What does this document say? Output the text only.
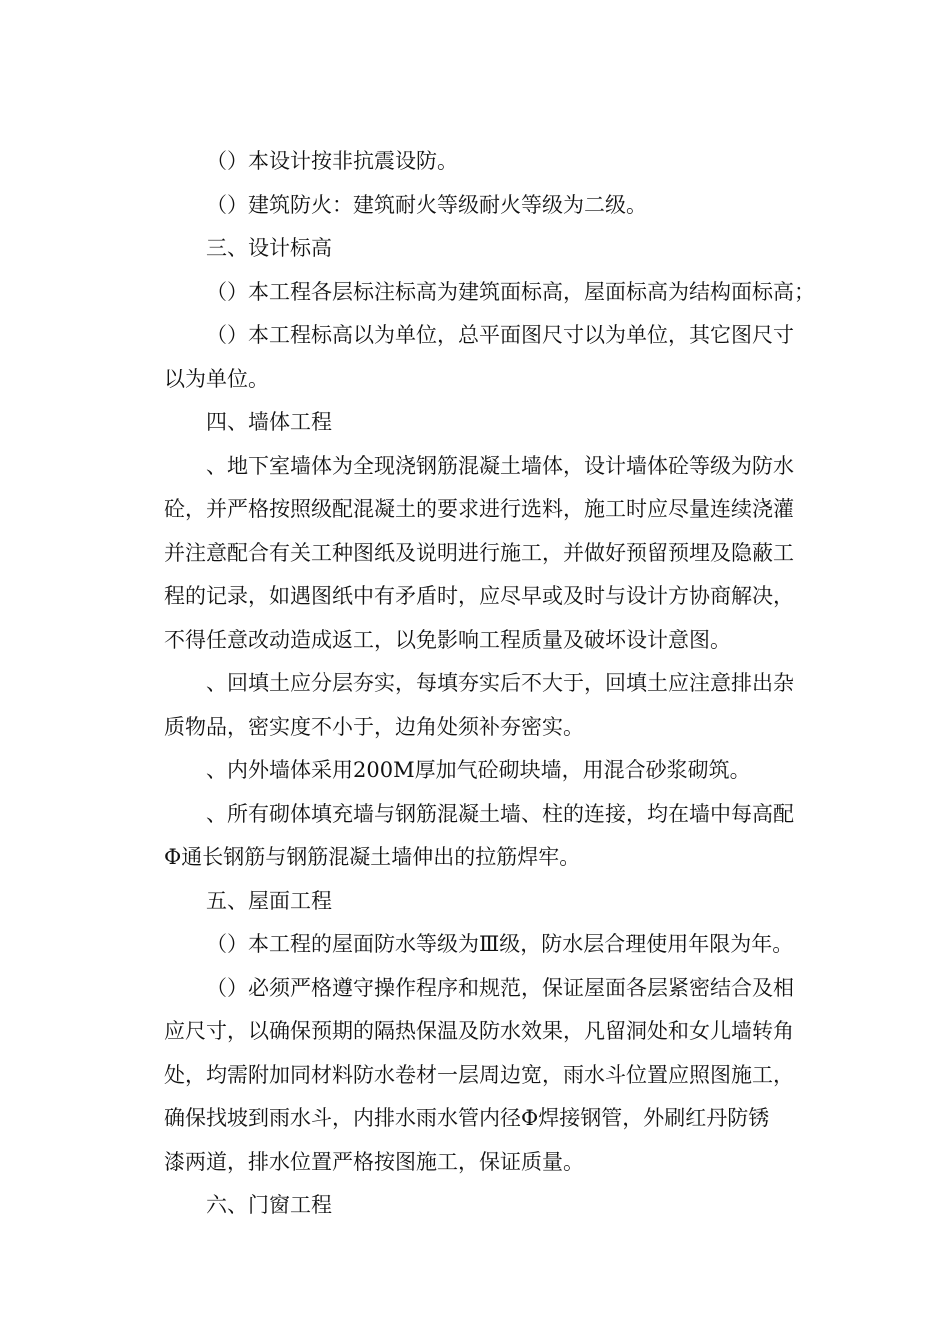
（）本设计按非抗震设防。

（）建筑防火：建筑耐火等级耐火等级为二级。

三、设计标高

（）本工程各层标注标高为建筑面标高，屋面标高为结构面标高；

（）本工程标高以为单位，总平面图尺寸以为单位，其它图尺寸
以为单位。

四、墙体工程

、地下室墙体为全现浇钢筋混凝土墙体，设计墙体砼等级为防水
砼，并严格按照级配混凝土的要求进行选料，施工时应尽量连续浇灌
并注意配合有关工种图纸及说明进行施工，并做好预留预埋及隐蔽工
程的记录，如遇图纸中有矛盾时，应尽早或及时与设计方协商解决，
不得任意改动造成返工，以免影响工程质量及破坏设计意图。

、回填土应分层夯实，每填夯实后不大于，回填土应注意排出杂
质物品，密实度不小于，边角处须补夯密实。

、内外墙体采用200M厚加气砼砌块墙，用混合砂浆砌筑。

、所有砌体填充墙与钢筋混凝土墙、柱的连接，均在墙中每高配
Φ通长钢筋与钢筋混凝土墙伸出的拉筋焊牢。

五、屋面工程

（）本工程的屋面防水等级为Ⅲ级，防水层合理使用年限为年。

（）必须严格遵守操作程序和规范，保证屋面各层紧密结合及相
应尺寸，以确保预期的隔热保温及防水效果，凡留洞处和女儿墙转角
处，均需附加同材料防水卷材一层周边宽，雨水斗位置应照图施工，
确保找坡到雨水斗，内排水雨水管内径Φ焊接钢管，外刷红丹防锈
漆两道，排水位置严格按图施工，保证质量。

六、门窗工程
